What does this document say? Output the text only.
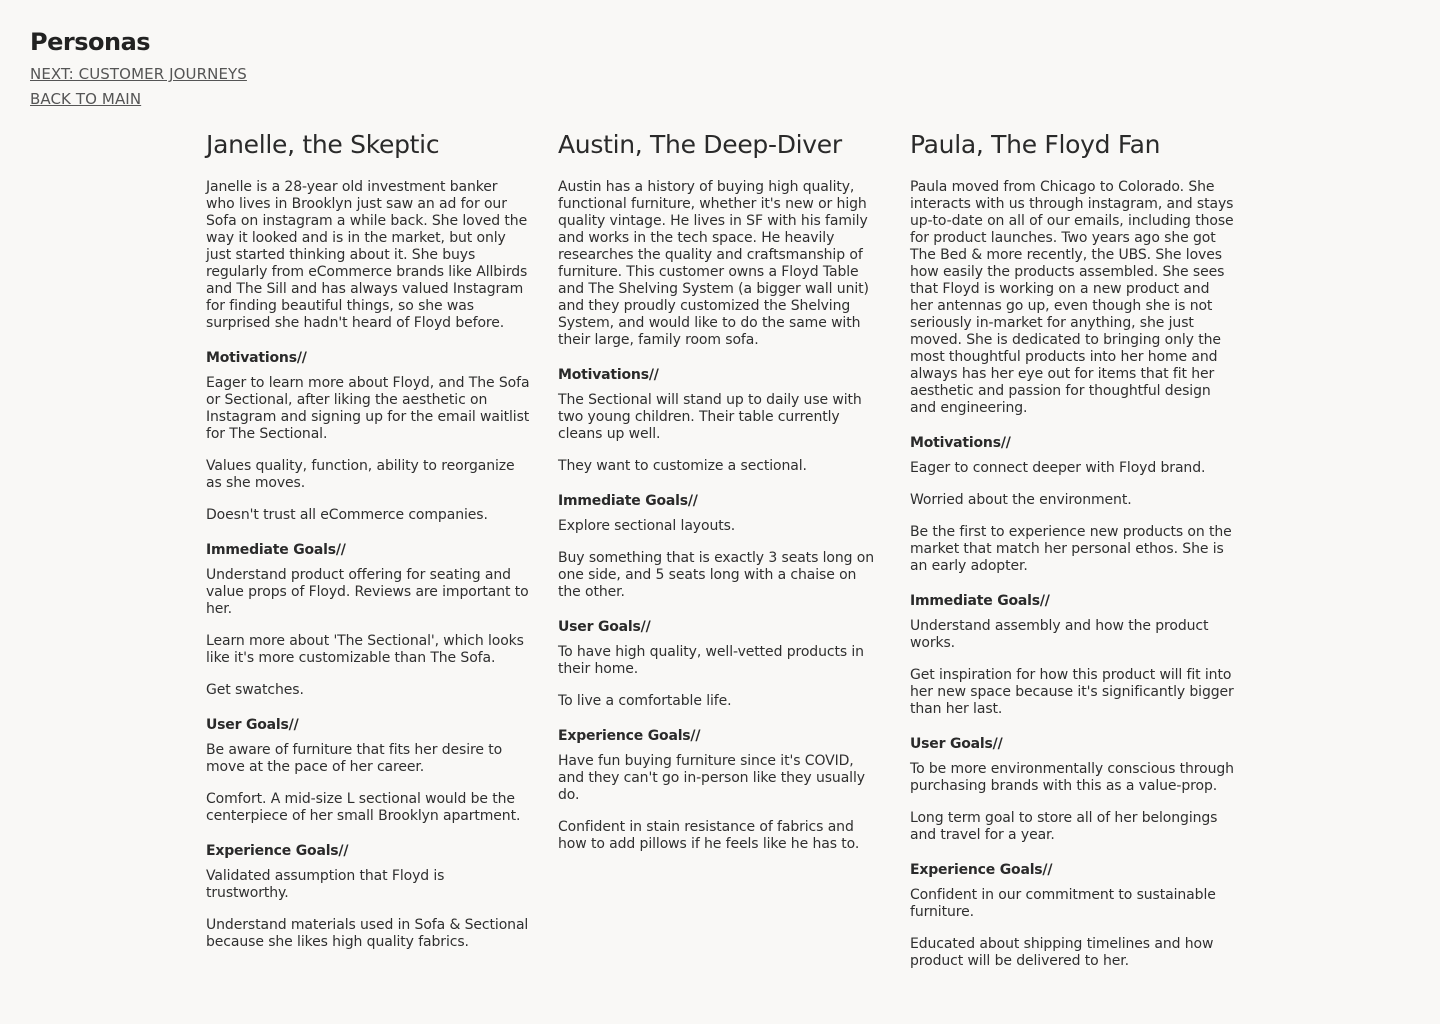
Personas
NEXT: CUSTOMER JOURNEYS
BACK TO MAIN
Janelle, the Skeptic

Janelle is a 28-year old investment banker who lives in Brooklyn just saw an ad for our Sofa on instagram a while back. She loved the way it looked and is in the market, but only just started thinking about it. She buys regularly from eCommerce brands like Allbirds and The Sill and has always valued Instagram for finding beautiful things, so she was surprised she hadn't heard of Floyd before.

Motivations//

Eager to learn more about Floyd, and The Sofa or Sectional, after liking the aesthetic on Instagram and signing up for the email waitlist for The Sectional.

Values quality, function, ability to reorganize as she moves.

Doesn't trust all eCommerce companies.

Immediate Goals//

Understand product offering for seating and value props of Floyd. Reviews are important to her.

Learn more about 'The Sectional', which looks like it's more customizable than The Sofa.

Get swatches.

User Goals//

Be aware of furniture that fits her desire to move at the pace of her career.

Comfort. A mid-size L sectional would be the centerpiece of her small Brooklyn apartment.

Experience Goals//

Validated assumption that Floyd is trustworthy.

Understand materials used in Sofa & Sectional because she likes high quality fabrics.

Austin, The Deep-Diver

Austin has a history of buying high quality, functional furniture, whether it's new or high quality vintage. He lives in SF with his family and works in the tech space. He heavily researches the quality and craftsmanship of furniture. This customer owns a Floyd Table and The Shelving System (a bigger wall unit) and they proudly customized the Shelving System, and would like to do the same with their large, family room sofa.

Motivations//

The Sectional will stand up to daily use with two young children. Their table currently cleans up well.

They want to customize a sectional.

Immediate Goals//

Explore sectional layouts.

Buy something that is exactly 3 seats long on one side, and 5 seats long with a chaise on the other.

User Goals//

To have high quality, well-vetted products in their home.

To live a comfortable life.

Experience Goals//

Have fun buying furniture since it's COVID, and they can't go in-person like they usually do.

Confident in stain resistance of fabrics and how to add pillows if he feels like he has to.

Paula, The Floyd Fan

Paula moved from Chicago to Colorado. She interacts with us through instagram, and stays up-to-date on all of our emails, including those for product launches. Two years ago she got The Bed & more recently, the UBS. She loves how easily the products assembled. She sees that Floyd is working on a new product and her antennas go up, even though she is not seriously in-market for anything, she just moved. She is dedicated to bringing only the most thoughtful products into her home and always has her eye out for items that fit her aesthetic and passion for thoughtful design and engineering.

Motivations//

Eager to connect deeper with Floyd brand.

Worried about the environment.

Be the first to experience new products on the market that match her personal ethos. She is an early adopter.

Immediate Goals//

Understand assembly and how the product works.

Get inspiration for how this product will fit into her new space because it's significantly bigger than her last.

User Goals//

To be more environmentally conscious through purchasing brands with this as a value-prop.

Long term goal to store all of her belongings and travel for a year.

Experience Goals//

Confident in our commitment to sustainable furniture.

Educated about shipping timelines and how product will be delivered to her.
